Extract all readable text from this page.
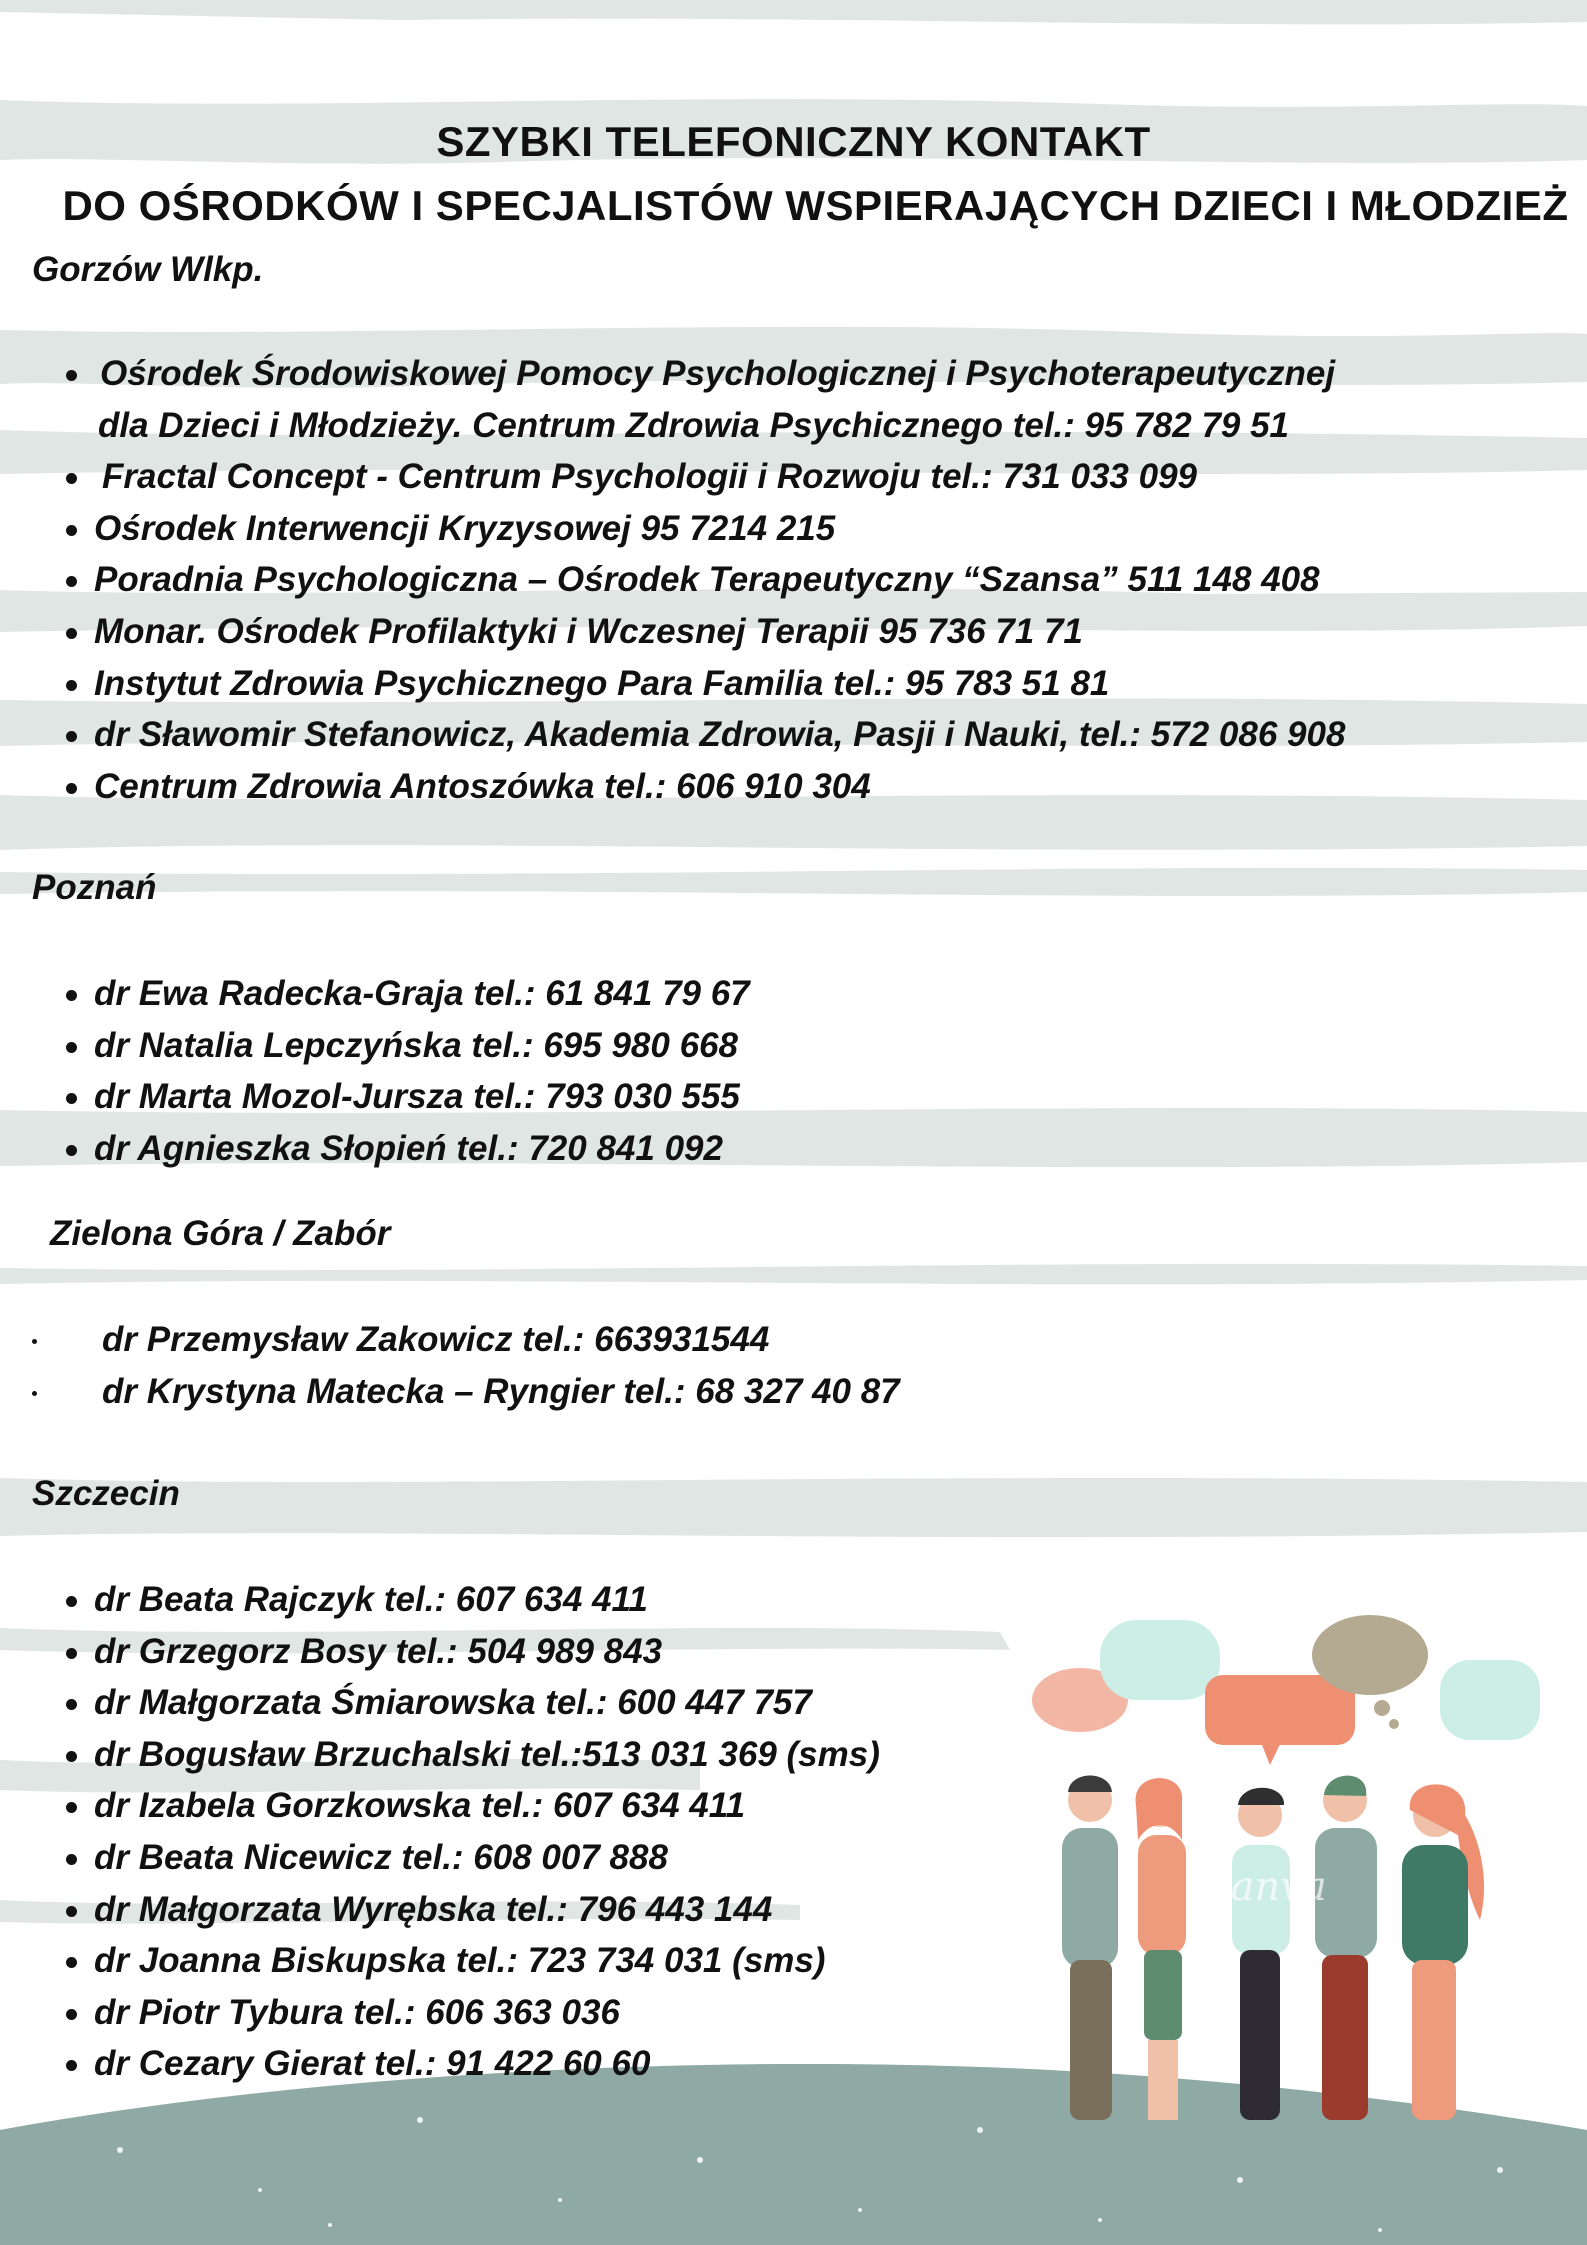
Canva
SZYBKI TELEFONICZNY KONTAKT
DO OŚRODKÓW I SPECJALISTÓW WSPIERAJĄCYCH DZIECI I MŁODZIEŻ

Gorzów Wlkp.

Ośrodek Środowiskowej Pomocy Psychologicznej i Psychoterapeutycznej
dla Dzieci i Młodzieży. Centrum Zdrowia Psychicznego tel.: 95 782 79 51
Fractal Concept - Centrum Psychologii i Rozwoju tel.: 731 033 099
Ośrodek Interwencji Kryzysowej 95 7214 215
Poradnia Psychologiczna – Ośrodek Terapeutyczny “Szansa” 511 148 408
Monar. Ośrodek Profilaktyki i Wczesnej Terapii 95 736 71 71
Instytut Zdrowia Psychicznego Para Familia tel.: 95 783 51 81
dr Sławomir Stefanowicz, Akademia Zdrowia, Pasji i Nauki, tel.: 572 086 908
Centrum Zdrowia Antoszówka tel.: 606 910 304

Poznań

dr Ewa Radecka-Graja tel.: 61 841 79 67
dr Natalia Lepczyńska tel.: 695 980 668
dr Marta Mozol-Jursza tel.: 793 030 555
dr Agnieszka Słopień tel.: 720 841 092

Zielona Góra / Zabór

dr Przemysław Zakowicz tel.: 663931544
dr Krystyna Matecka – Ryngier tel.: 68 327 40 87

Szczecin

dr Beata Rajczyk tel.: 607 634 411
dr Grzegorz Bosy tel.: 504 989 843
dr Małgorzata Śmiarowska tel.: 600 447 757
dr Bogusław Brzuchalski tel.:513 031 369 (sms)
dr Izabela Gorzkowska tel.: 607 634 411
dr Beata Nicewicz tel.: 608 007 888
dr Małgorzata Wyrębska tel.: 796 443 144
dr Joanna Biskupska tel.: 723 734 031 (sms)
dr Piotr Tybura tel.: 606 363 036
dr Cezary Gierat tel.: 91 422 60 60
